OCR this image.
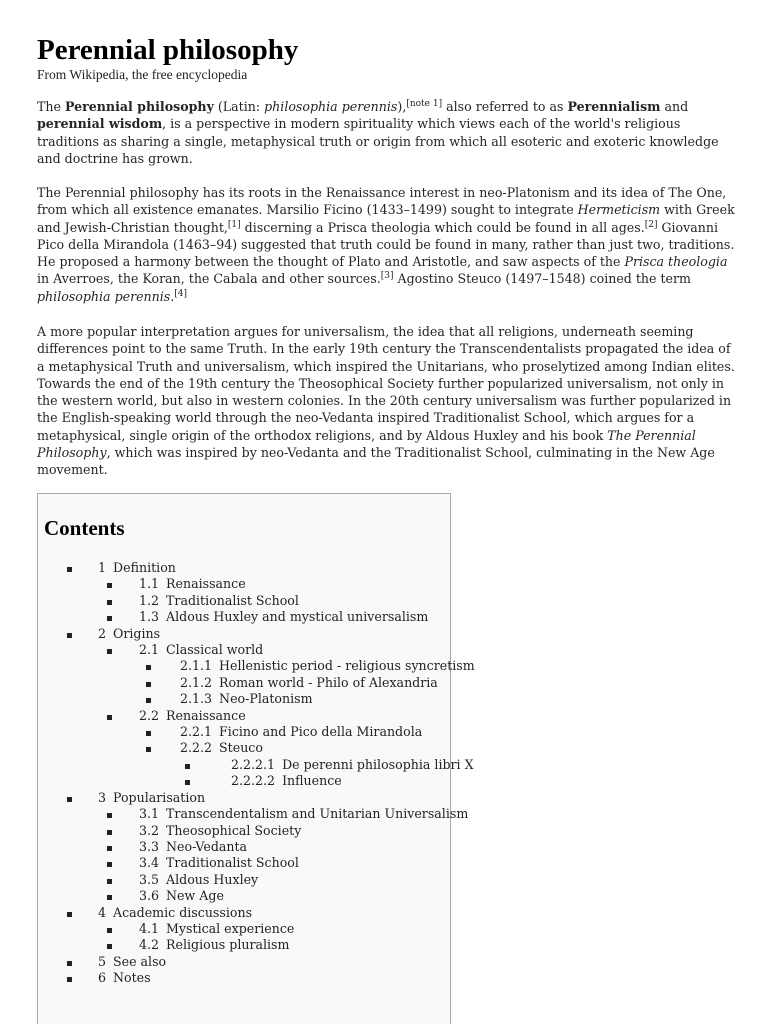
Perennial philosophy
From Wikipedia, the free encyclopedia

The Perennial philosophy (Latin: philosophia perennis),[note 1] also referred to as Perennialism and perennial wisdom, is a perspective in modern spirituality which views each of the world's religious traditions as sharing a single, metaphysical truth or origin from which all esoteric and exoteric knowledge and doctrine has grown.

The Perennial philosophy has its roots in the Renaissance interest in neo-Platonism and its idea of The One, from which all existence emanates. Marsilio Ficino (1433–1499) sought to integrate Hermeticism with Greek and Jewish-Christian thought,[1] discerning a Prisca theologia which could be found in all ages.[2] Giovanni Pico della Mirandola (1463–94) suggested that truth could be found in many, rather than just two, traditions. He proposed a harmony between the thought of Plato and Aristotle, and saw aspects of the Prisca theologia in Averroes, the Koran, the Cabala and other sources.[3] Agostino Steuco (1497–1548) coined the term philosophia perennis.[4]

A more popular interpretation argues for universalism, the idea that all religions, underneath seeming differences point to the same Truth. In the early 19th century the Transcendentalists propagated the idea of a metaphysical Truth and universalism, which inspired the Unitarians, who proselytized among Indian elites. Towards the end of the 19th century the Theosophical Society further popularized universalism, not only in the western world, but also in western colonies. In the 20th century universalism was further popularized in the English-speaking world through the neo-Vedanta inspired Traditionalist School, which argues for a metaphysical, single origin of the orthodox religions, and by Aldous Huxley and his book The Perennial Philosophy, which was inspired by neo-Vedanta and the Traditionalist School, culminating in the New Age movement.

Contents
1 Definition
1.1 Renaissance
1.2 Traditionalist School
1.3 Aldous Huxley and mystical universalism
2 Origins
2.1 Classical world
2.1.1 Hellenistic period - religious syncretism
2.1.2 Roman world - Philo of Alexandria
2.1.3 Neo-Platonism
2.2 Renaissance
2.2.1 Ficino and Pico della Mirandola
2.2.2 Steuco
2.2.2.1 De perenni philosophia libri X
2.2.2.2 Influence
3 Popularisation
3.1 Transcendentalism and Unitarian Universalism
3.2 Theosophical Society
3.3 Neo-Vedanta
3.4 Traditionalist School
3.5 Aldous Huxley
3.6 New Age
4 Academic discussions
4.1 Mystical experience
4.2 Religious pluralism
5 See also
6 Notes
